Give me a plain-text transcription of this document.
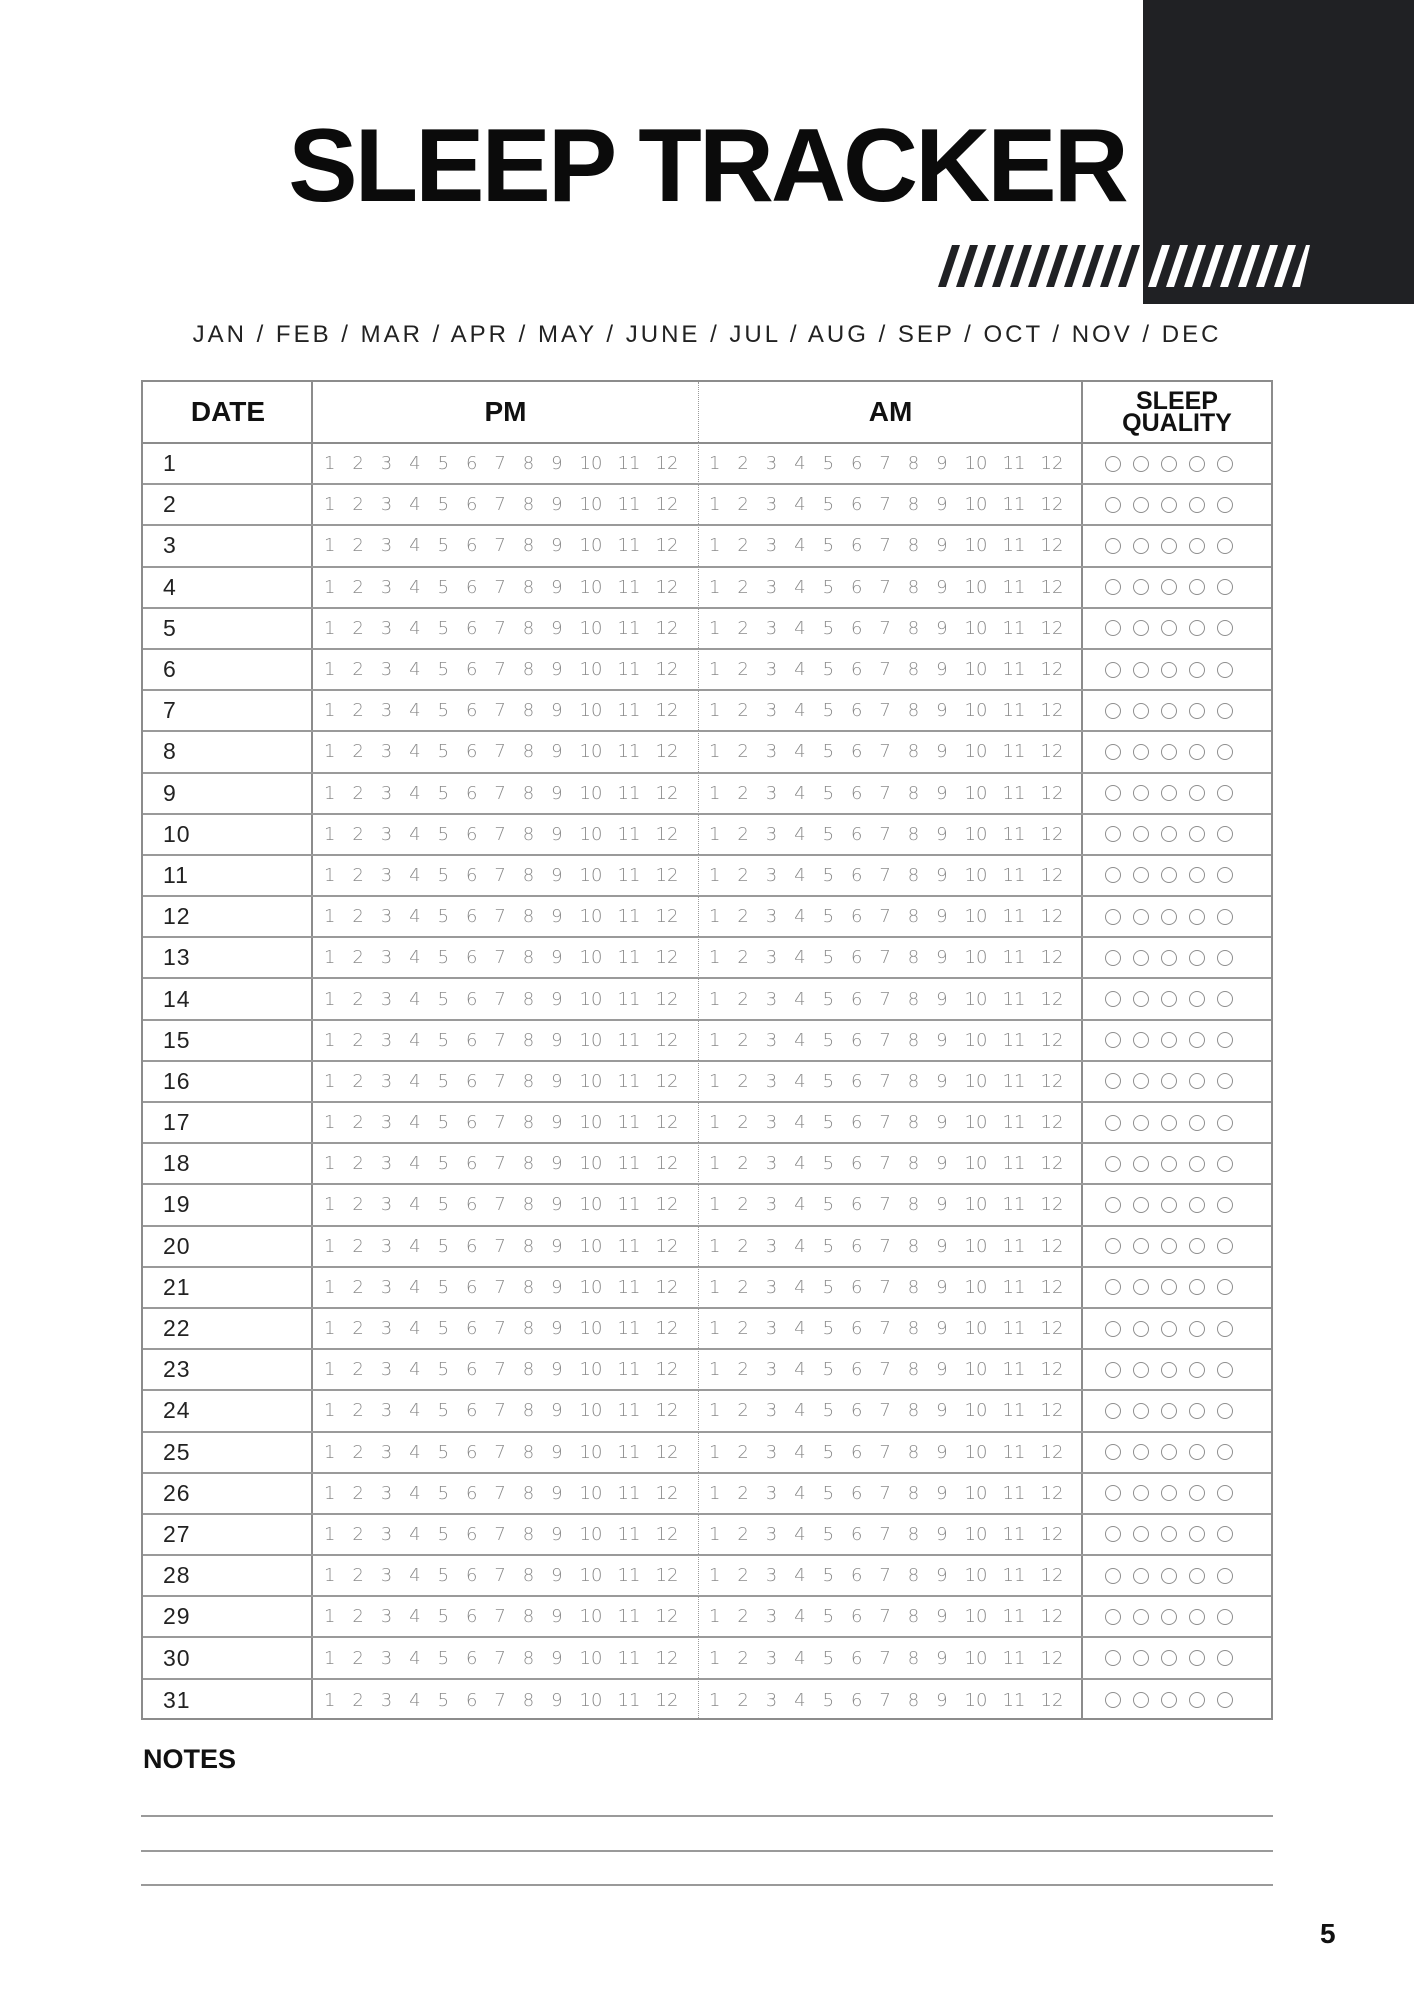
SLEEP TRACKER
JAN / FEB / MAR / APR / MAY / JUNE / JUL / AUG / SEP / OCT / NOV / DEC
DATE	PM	AM	SLEEP
QUALITY
1	1 2 3 4 5 6 7 8 9 10 11 12	1 2 3 4 5 6 7 8 9 10 11 12
2	1 2 3 4 5 6 7 8 9 10 11 12	1 2 3 4 5 6 7 8 9 10 11 12
3	1 2 3 4 5 6 7 8 9 10 11 12	1 2 3 4 5 6 7 8 9 10 11 12
4	1 2 3 4 5 6 7 8 9 10 11 12	1 2 3 4 5 6 7 8 9 10 11 12
5	1 2 3 4 5 6 7 8 9 10 11 12	1 2 3 4 5 6 7 8 9 10 11 12
6	1 2 3 4 5 6 7 8 9 10 11 12	1 2 3 4 5 6 7 8 9 10 11 12
7	1 2 3 4 5 6 7 8 9 10 11 12	1 2 3 4 5 6 7 8 9 10 11 12
8	1 2 3 4 5 6 7 8 9 10 11 12	1 2 3 4 5 6 7 8 9 10 11 12
9	1 2 3 4 5 6 7 8 9 10 11 12	1 2 3 4 5 6 7 8 9 10 11 12
10	1 2 3 4 5 6 7 8 9 10 11 12	1 2 3 4 5 6 7 8 9 10 11 12
11	1 2 3 4 5 6 7 8 9 10 11 12	1 2 3 4 5 6 7 8 9 10 11 12
12	1 2 3 4 5 6 7 8 9 10 11 12	1 2 3 4 5 6 7 8 9 10 11 12
13	1 2 3 4 5 6 7 8 9 10 11 12	1 2 3 4 5 6 7 8 9 10 11 12
14	1 2 3 4 5 6 7 8 9 10 11 12	1 2 3 4 5 6 7 8 9 10 11 12
15	1 2 3 4 5 6 7 8 9 10 11 12	1 2 3 4 5 6 7 8 9 10 11 12
16	1 2 3 4 5 6 7 8 9 10 11 12	1 2 3 4 5 6 7 8 9 10 11 12
17	1 2 3 4 5 6 7 8 9 10 11 12	1 2 3 4 5 6 7 8 9 10 11 12
18	1 2 3 4 5 6 7 8 9 10 11 12	1 2 3 4 5 6 7 8 9 10 11 12
19	1 2 3 4 5 6 7 8 9 10 11 12	1 2 3 4 5 6 7 8 9 10 11 12
20	1 2 3 4 5 6 7 8 9 10 11 12	1 2 3 4 5 6 7 8 9 10 11 12
21	1 2 3 4 5 6 7 8 9 10 11 12	1 2 3 4 5 6 7 8 9 10 11 12
22	1 2 3 4 5 6 7 8 9 10 11 12	1 2 3 4 5 6 7 8 9 10 11 12
23	1 2 3 4 5 6 7 8 9 10 11 12	1 2 3 4 5 6 7 8 9 10 11 12
24	1 2 3 4 5 6 7 8 9 10 11 12	1 2 3 4 5 6 7 8 9 10 11 12
25	1 2 3 4 5 6 7 8 9 10 11 12	1 2 3 4 5 6 7 8 9 10 11 12
26	1 2 3 4 5 6 7 8 9 10 11 12	1 2 3 4 5 6 7 8 9 10 11 12
27	1 2 3 4 5 6 7 8 9 10 11 12	1 2 3 4 5 6 7 8 9 10 11 12
28	1 2 3 4 5 6 7 8 9 10 11 12	1 2 3 4 5 6 7 8 9 10 11 12
29	1 2 3 4 5 6 7 8 9 10 11 12	1 2 3 4 5 6 7 8 9 10 11 12
30	1 2 3 4 5 6 7 8 9 10 11 12	1 2 3 4 5 6 7 8 9 10 11 12
31	1 2 3 4 5 6 7 8 9 10 11 12	1 2 3 4 5 6 7 8 9 10 11 12
NOTES
5
